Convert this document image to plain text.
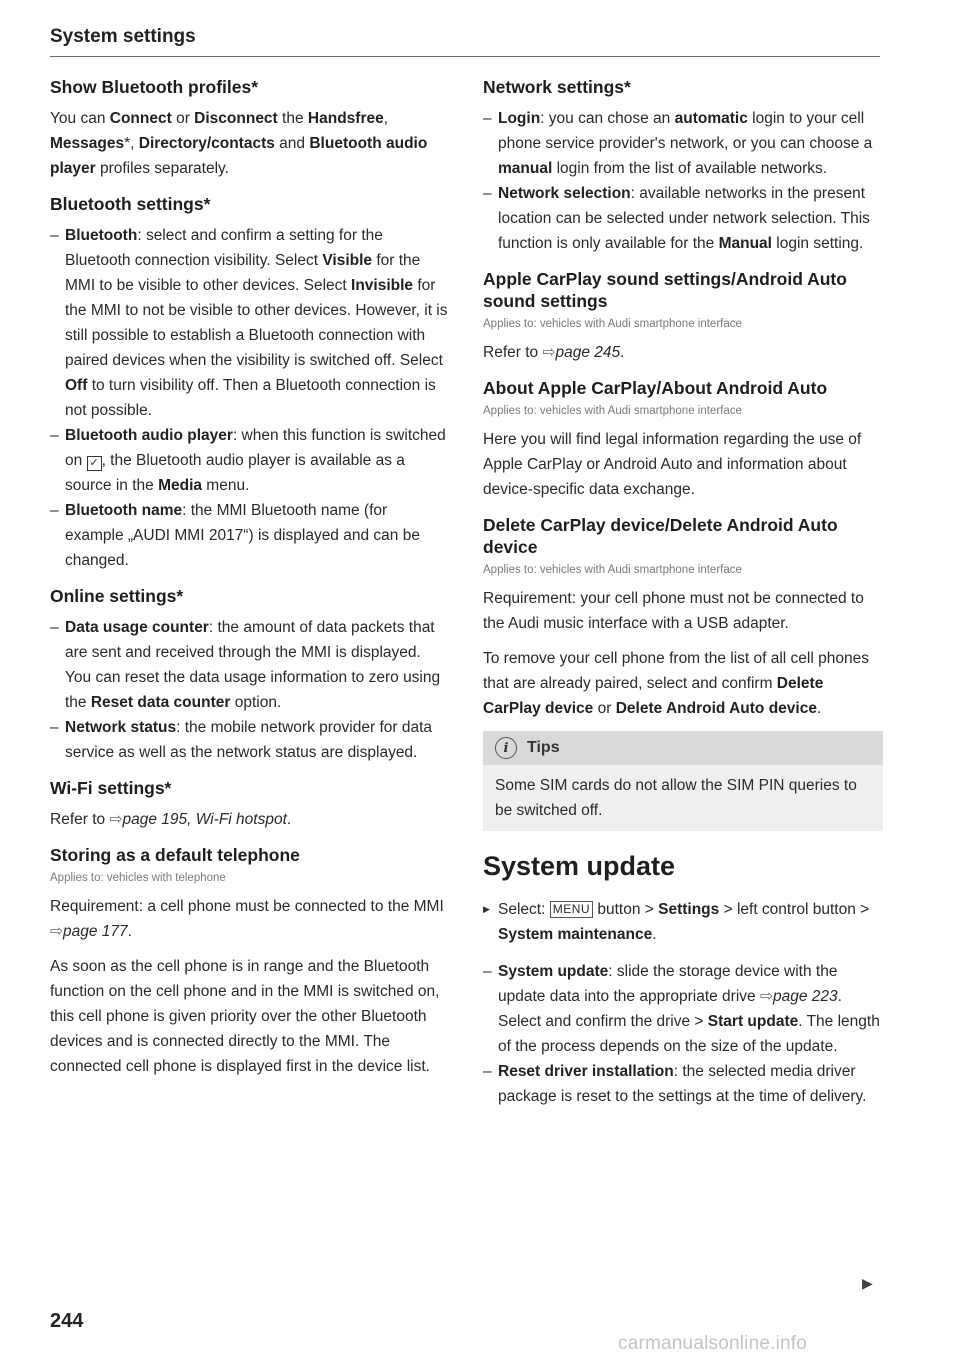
System settings
Show Bluetooth profiles*

You can Connect or Disconnect the Handsfree, Messages*, Directory/contacts and Bluetooth audio player profiles separately.

Bluetooth settings*
– Bluetooth: select and confirm a setting for the Bluetooth connection visibility. Select Visible for the MMI to be visible to other devices. Select Invisible for the MMI to not be visible to other devices. However, it is still possible to establish a Bluetooth connection with paired devices when the visibility is switched off. Select Off to turn visibility off. Then a Bluetooth connection is not possible.
– Bluetooth audio player: when this function is switched on ✓ , the Bluetooth audio player is available as a source in the Media menu.
– Bluetooth name: the MMI Bluetooth name (for example „AUDI MMI 2017“) is displayed and can be changed.
Online settings*
– Data usage counter: the amount of data packets that are sent and received through the MMI is displayed. You can reset the data usage information to zero using the Reset data counter option.
– Network status: the mobile network provider for data service as well as the network status are displayed.
Wi-Fi settings*

Refer to ⇨page 195, Wi-Fi hotspot.

Storing as a default telephone
Applies to: vehicles with telephone

Requirement: a cell phone must be connected to the MMI ⇨page 177.

As soon as the cell phone is in range and the Bluetooth function on the cell phone and in the MMI is switched on, this cell phone is given priority over the other Bluetooth devices and is connected directly to the MMI. The connected cell phone is displayed first in the device list.

Network settings*
– Login: you can chose an automatic login to your cell phone service provider's network, or you can choose a manual login from the list of available networks.
– Network selection: available networks in the present location can be selected under network selection. This function is only available for the Manual login setting.
Apple CarPlay sound settings/Android Auto sound settings
Applies to: vehicles with Audi smartphone interface

Refer to ⇨page 245.

About Apple CarPlay/About Android Auto
Applies to: vehicles with Audi smartphone interface

Here you will find legal information regarding the use of Apple CarPlay or Android Auto and information about device-specific data exchange.

Delete CarPlay device/Delete Android Auto device
Applies to: vehicles with Audi smartphone interface

Requirement: your cell phone must not be connected to the Audi music interface with a USB adapter.

To remove your cell phone from the list of all cell phones that are already paired, select and confirm Delete CarPlay device or Delete Android Auto device.

i	Tips

Some SIM cards do not allow the SIM PIN queries to be switched off.

System update
▶ Select: MENU button > Settings > left control button > System maintenance.
– System update: slide the storage device with the update data into the appropriate drive ⇨page 223. Select and confirm the drive > Start update. The length of the process depends on the size of the update.
– Reset driver installation: the selected media driver package is reset to the settings at the time of delivery.
▶
244
carmanualsonline.info
